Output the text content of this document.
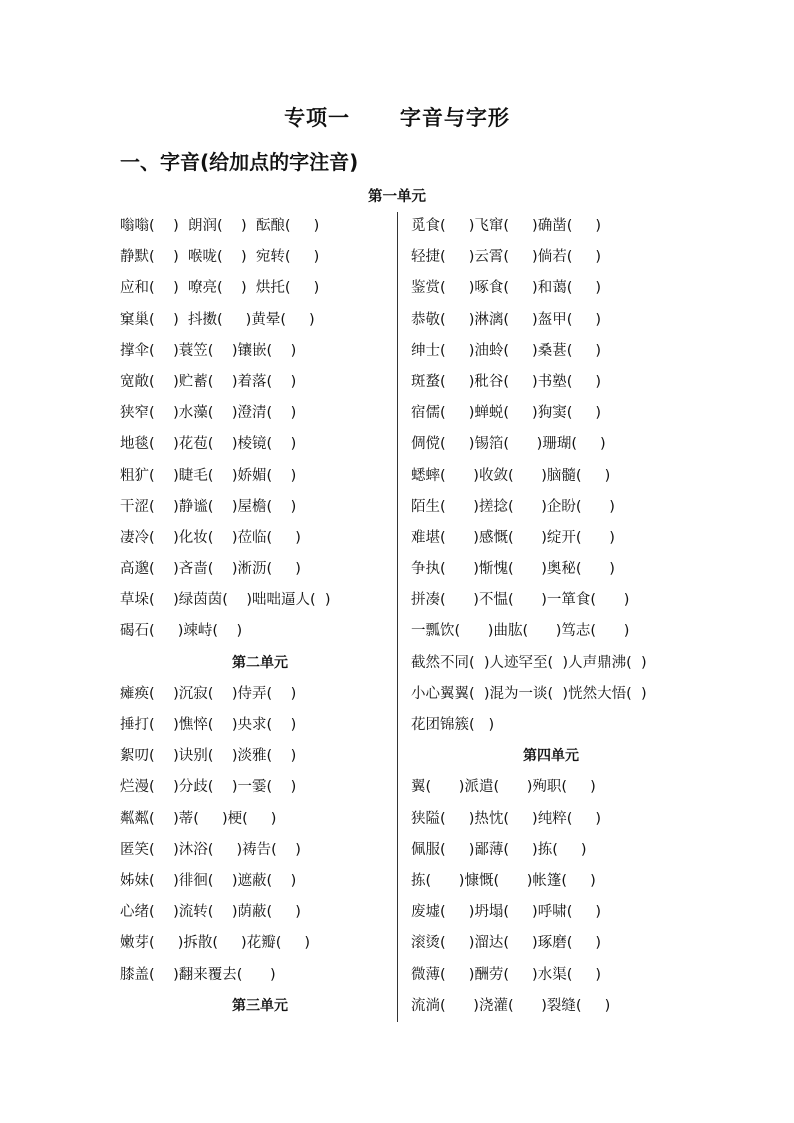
专项一      字音与字形
一、字音(给加点的字注音)
第一单元
嗡嗡(    )  朗润(    )  酝酿(     )
静默(    )  喉咙(    )  宛转(     )
应和(    )  嘹亮(    )  烘托(     )
窠巢(    )  抖擞(     )黄晕(     )
撑伞(    )蓑笠(    )镶嵌(    )
宽敞(    )贮蓄(    )着落(    )
狭窄(    )水藻(    )澄清(    )
地毯(    )花苞(    )棱镜(    )
粗犷(    )睫毛(    )娇媚(    )
干涩(    )静谧(    )屋檐(    )
凄冷(    )化妆(    )莅临(     )
高邈(    )吝啬(    )淅沥(     )
草垛(    )绿茵茵(    )咄咄逼人(  )
碣石(     )竦峙(    )
第二单元
瘫痪(    )沉寂(    )侍弄(    )
捶打(    )憔悴(    )央求(    )
絮叨(    )诀别(    )淡雅(    )
烂漫(    )分歧(    )一霎(    )
粼粼(    )蒂(     )梗(     )
匿笑(    )沐浴(     )祷告(    )
姊妹(    )徘徊(    )遮蔽(    )
心绪(    )流转(    )荫蔽(     )
嫩芽(     )拆散(     )花瓣(     )
膝盖(    )翻来覆去(      )
第三单元
觅食(     )飞窜(     )确凿(     )
轻捷(     )云霄(     )倘若(     )
鉴赏(     )啄食(     )和蔼(     )
恭敬(     )淋漓(     )盔甲(     )
绅士(     )油蛉(     )桑葚(     )
斑蝥(     )秕谷(     )书塾(     )
宿儒(     )蝉蜕(     )狗窦(     )
倜傥(     )锡箔(      )珊瑚(     )
蟋蟀(      )收敛(      )脑髓(     )
陌生(      )搓捻(      )企盼(      )
难堪(      )感慨(      )绽开(      )
争执(      )惭愧(      )奥秘(      )
拼凑(      )不愠(      )一箪食(      )
一瓢饮(      )曲肱(      )笃志(      )
截然不同(  )人迹罕至(  )人声鼎沸(  )
小心翼翼(  )混为一谈(  )恍然大悟(  )
花团锦簇(   )
第四单元
翼(      )派遣(      )殉职(     )
狭隘(     )热忱(     )纯粹(     )
佩服(     )鄙薄(     )拣(     )
拣(      )慷慨(      )帐篷(     )
废墟(     )坍塌(     )呼啸(     )
滚烫(     )溜达(     )琢磨(     )
微薄(     )酬劳(     )水渠(     )
流淌(      )浇灌(      )裂缝(     )
